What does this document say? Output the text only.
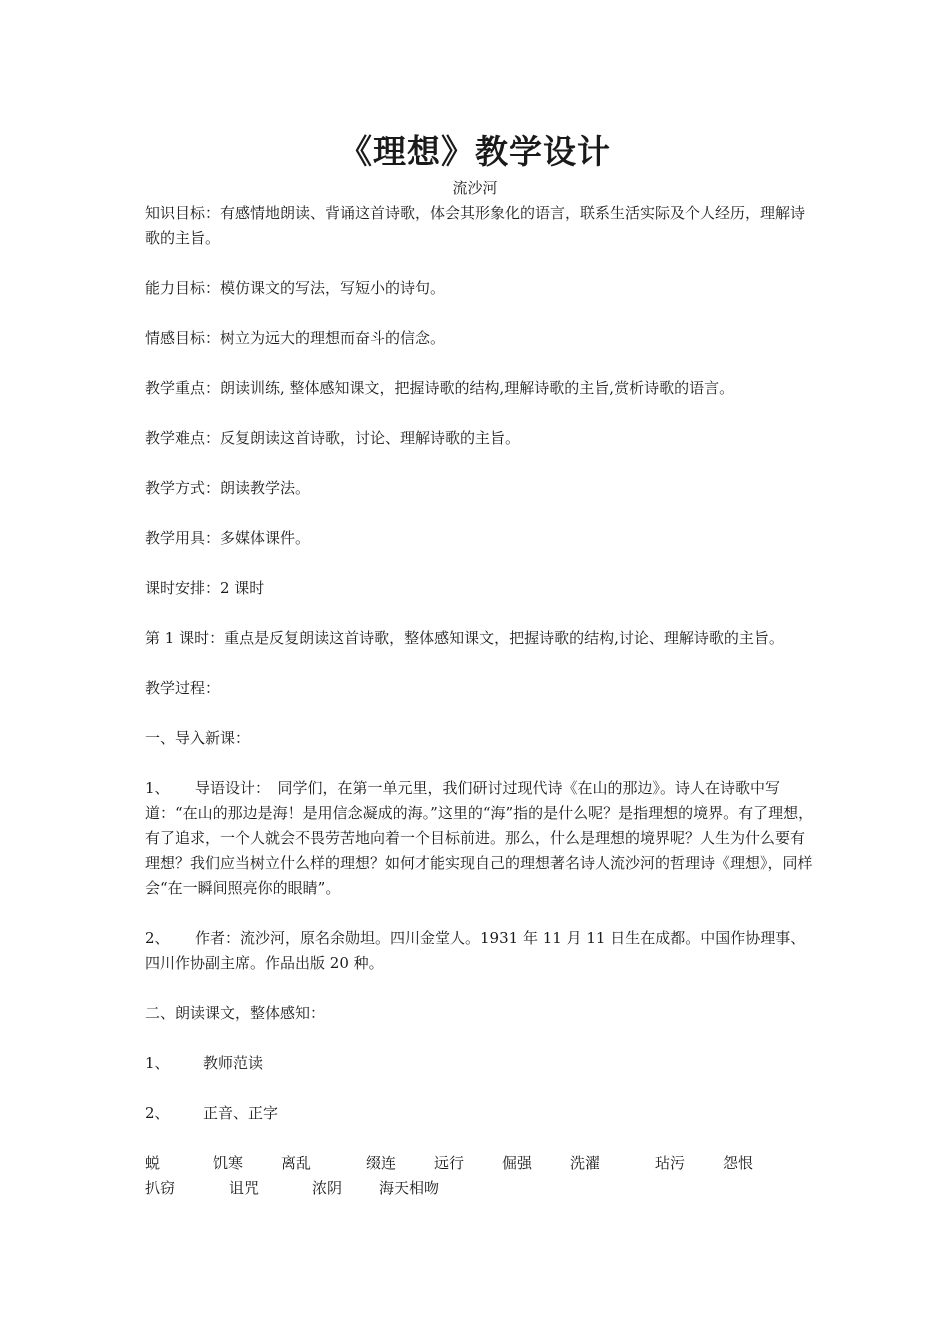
《理想》教学设计
流沙河

知识目标：有感情地朗读、背诵这首诗歌，体会其形象化的语言，联系生活实际及个人经历，理解诗歌的主旨。

能力目标：模仿课文的写法，写短小的诗句。

情感目标：树立为远大的理想而奋斗的信念。

教学重点：朗读训练, 整体感知课文，把握诗歌的结构,理解诗歌的主旨,赏析诗歌的语言。

教学难点：反复朗读这首诗歌，讨论、理解诗歌的主旨。

教学方式：朗读教学法。

教学用具：多媒体课件。

课时安排：2 课时

第 1 课时：重点是反复朗读这首诗歌，整体感知课文，把握诗歌的结构,讨论、理解诗歌的主旨。

教学过程：

一、导入新课：

1、 导语设计：　同学们，在第一单元里，我们研讨过现代诗《在山的那边》。诗人在诗歌中写道：“在山的那边是海！是用信念凝成的海。”这里的“海”指的是什么呢？是指理想的境界。有了理想，有了追求，一个人就会不畏劳苦地向着一个目标前进。那么，什么是理想的境界呢？人生为什么要有理想？我们应当树立什么样的理想？如何才能实现自己的理想著名诗人流沙河的哲理诗《理想》，同样会“在一瞬间照亮你的眼睛”。

2、 作者：流沙河，原名余勋坦。四川金堂人。1931 年 11 月 11 日生在成都。中国作协理事、四川作协副主席。作品出版 20 种。

二、朗读课文，整体感知：

1、 教师范读

2、 正音、正字

蜕	饥寒	离乱	缀连	远行	倔强	洗濯	玷污	怨恨
扒窃	诅咒	浓阴 海天相吻
